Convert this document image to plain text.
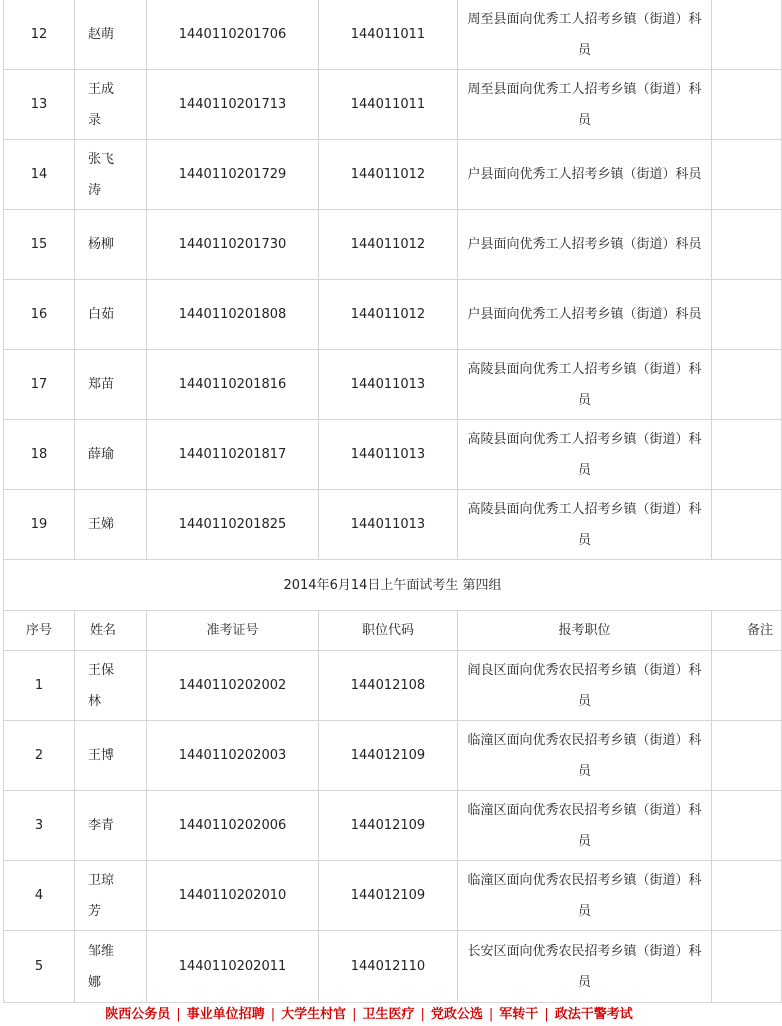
12	赵萌	1440110201706	144011011	周至县面向优秀工人招考乡镇（街道）科员	
13	王成录	1440110201713	144011011	周至县面向优秀工人招考乡镇（街道）科员	
14	张飞涛	1440110201729	144011012	户县面向优秀工人招考乡镇（街道）科员	
15	杨柳	1440110201730	144011012	户县面向优秀工人招考乡镇（街道）科员	
16	白茹	1440110201808	144011012	户县面向优秀工人招考乡镇（街道）科员	
17	郑苗	1440110201816	144011013	高陵县面向优秀工人招考乡镇（街道）科员	
18	薛瑜	1440110201817	144011013	高陵县面向优秀工人招考乡镇（街道）科员	
19	王娣	1440110201825	144011013	高陵县面向优秀工人招考乡镇（街道）科员	
2014年6月14日上午面试考生 第四组					
序号	姓名	准考证号	职位代码	报考职位	备注
1	王保林	1440110202002	144012108	阎良区面向优秀农民招考乡镇（街道）科员	
2	王博	1440110202003	144012109	临潼区面向优秀农民招考乡镇（街道）科员	
3	李青	1440110202006	144012109	临潼区面向优秀农民招考乡镇（街道）科员	
4	卫琼芳	1440110202010	144012109	临潼区面向优秀农民招考乡镇（街道）科员	
5	邹维娜	1440110202011	144012110	长安区面向优秀农民招考乡镇（街道）科员	
陕西公务员 | 事业单位招聘 | 大学生村官 | 卫生医疗 | 党政公选 | 军转干 | 政法干警考试
